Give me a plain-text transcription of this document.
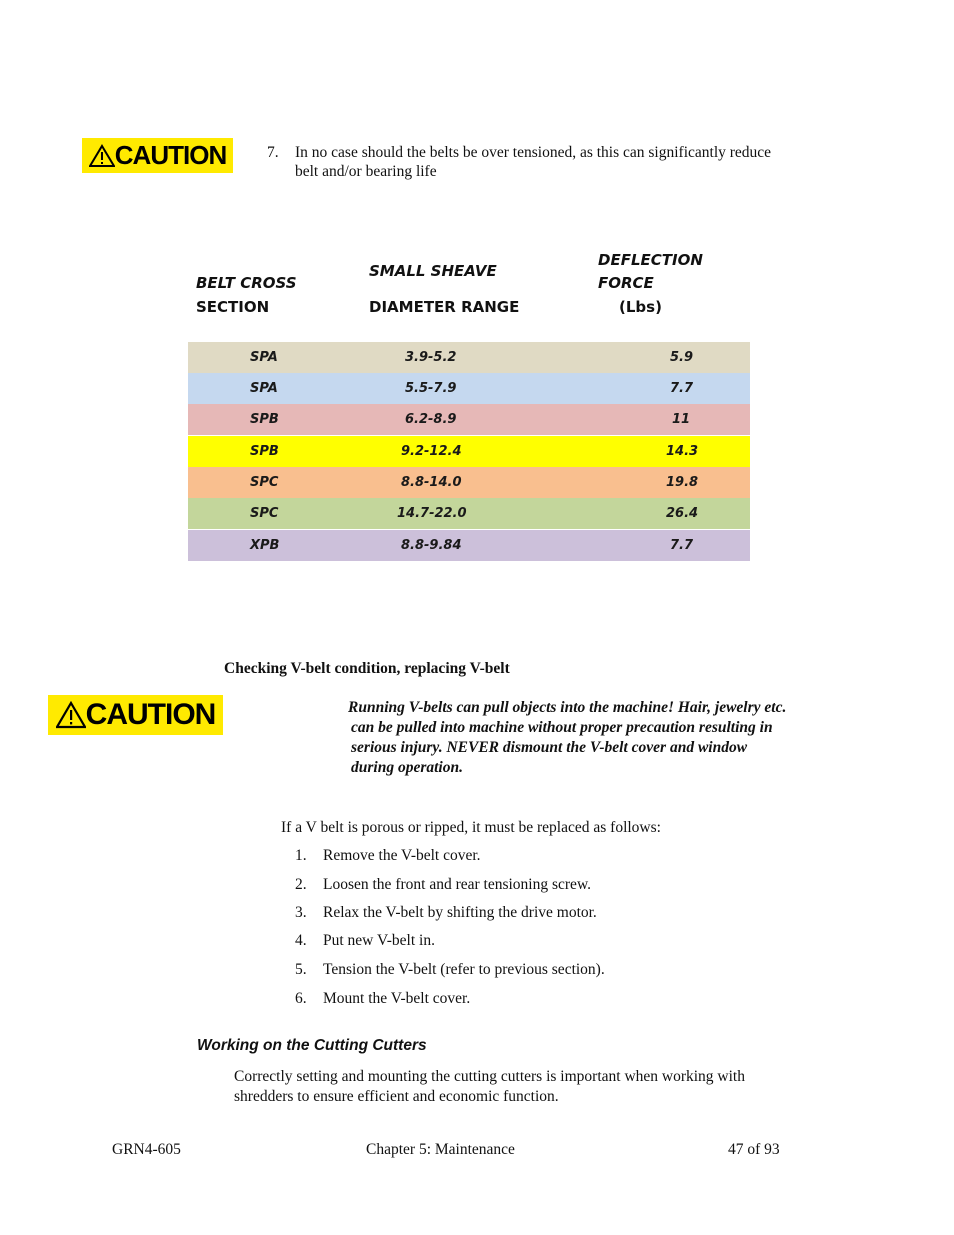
CAUTION	7. In no case should the belts be over tensioned, as this can significantly reduce
belt and/or bearing life
BELT CROSS
SECTION
SMALL SHEAVE
DIAMETER RANGE
DEFLECTION
FORCE
(Lbs)
SPA	3.9-5.2	5.9
SPA	5.5-7.9	7.7
SPB	6.2-8.9	11
SPB	9.2-12.4	14.3
SPC	8.8-14.0	19.8
SPC	14.7-22.0	26.4
XPB	8.8-9.84	7.7
Checking V-belt condition, replacing V-belt
CAUTION	Running V-belts can pull objects into the machine! Hair, jewelry etc.
can be pulled into machine without proper precaution resulting in
serious injury. NEVER dismount the V-belt cover and window
during operation.
If a V belt is porous or ripped, it must be replaced as follows:
1. Remove the V-belt cover.
2. Loosen the front and rear tensioning screw.
3. Relax the V-belt by shifting the drive motor.
4. Put new V-belt in.
5. Tension the V-belt (refer to previous section).
6. Mount the V-belt cover.
Working on the Cutting Cutters
Correctly setting and mounting the cutting cutters is important when working with
shredders to ensure efficient and economic function.
GRN4-605	Chapter 5: Maintenance	47 of 93
